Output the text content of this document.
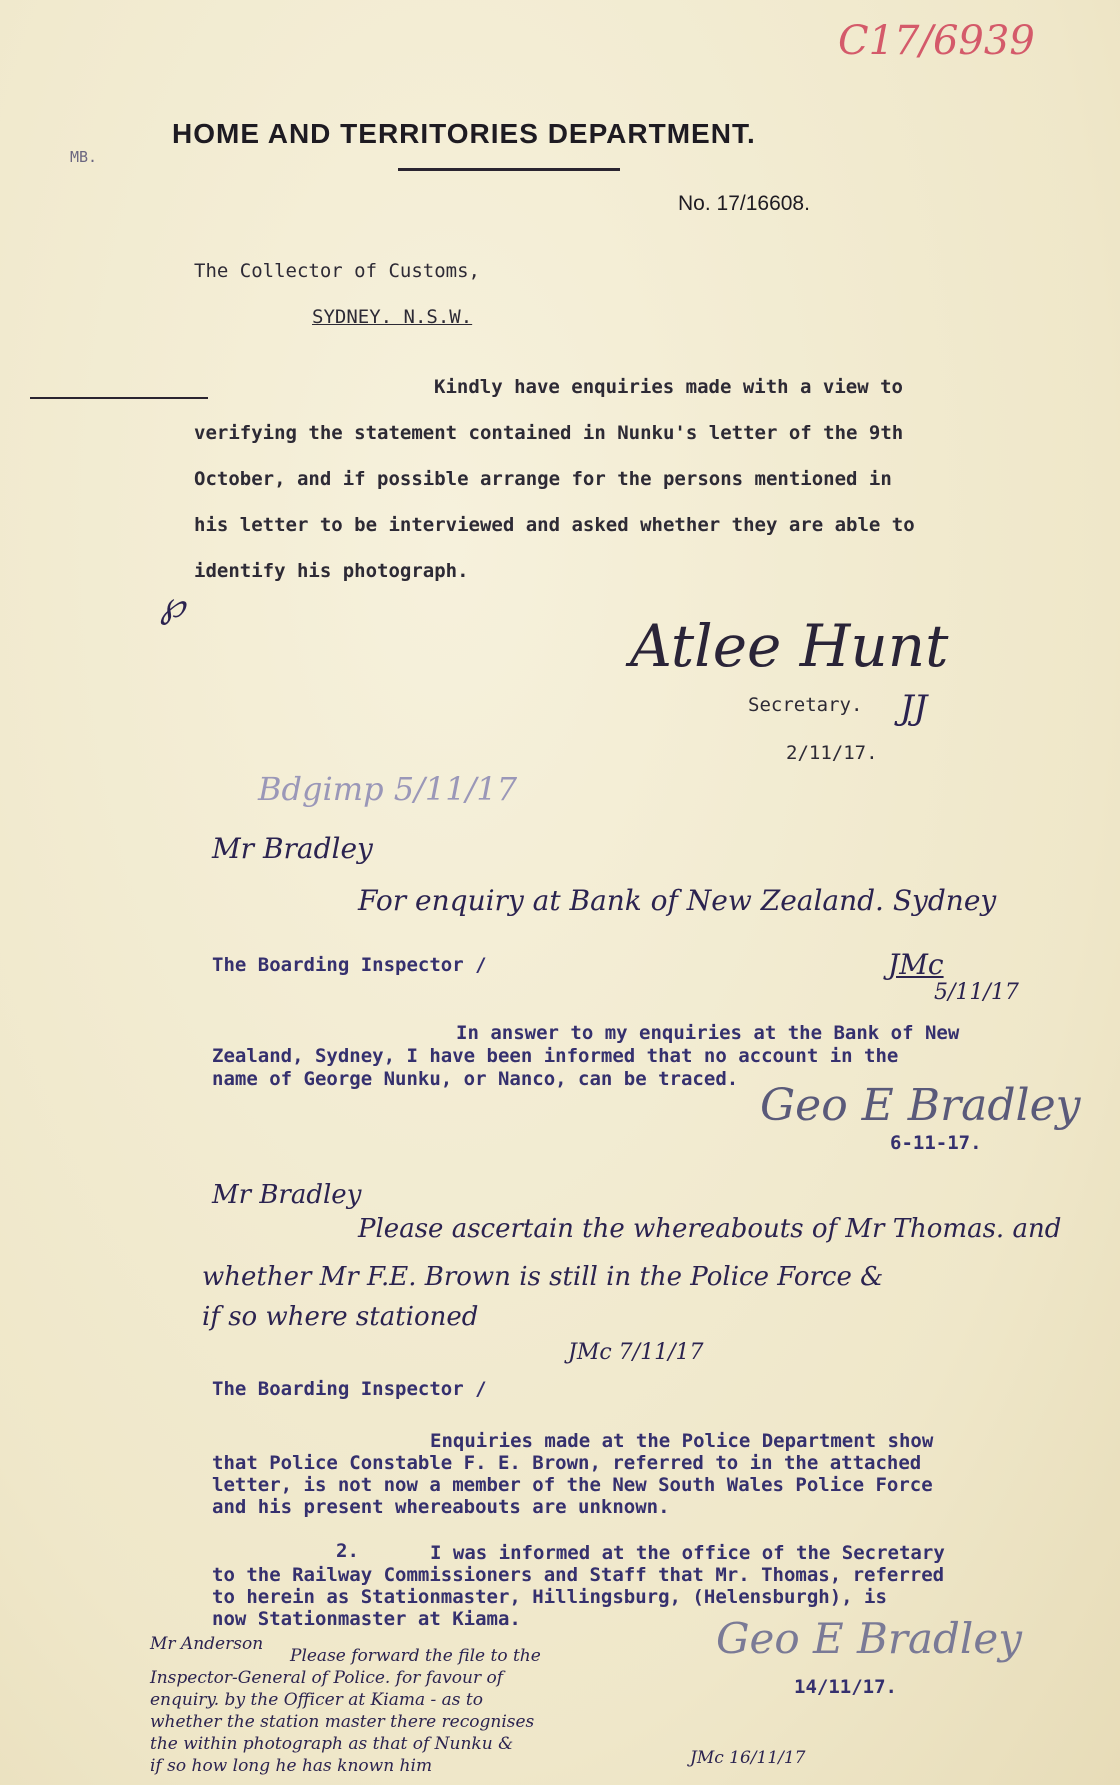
C17/6939
MB.
HOME AND TERRITORIES DEPARTMENT.
No. 17/16608.
The Collector of Customs,
SYDNEY. N.S.W.
Kindly have enquiries made with a view to
verifying the statement contained in Nunku's letter of the 9th
October, and if possible arrange for the persons mentioned in
his letter to be interviewed and asked whether they are able to
identify his photograph.
℘
Atlee Hunt
Secretary. JJ
2/11/17.
Bdgimp 5/11/17
Mr Bradley
For enquiry at Bank of New Zealand. Sydney
JMc
5/11/17
The Boarding Inspector /
In answer to my enquiries at the Bank of New
Zealand, Sydney, I have been informed that no account in the
name of George Nunku, or Nanco, can be traced.
Geo E Bradley
6-11-17.
Mr Bradley
Please ascertain the whereabouts of Mr Thomas. and
whether Mr F.E. Brown is still in the Police Force &
if so where stationed
JMc 7/11/17
The Boarding Inspector /
Enquiries made at the Police Department show
that Police Constable F. E. Brown, referred to in the attached
letter, is not now a member of the New South Wales Police Force
and his present whereabouts are unknown.
2.	I was informed at the office of the Secretary
to the Railway Commissioners and Staff that Mr. Thomas, referred
to herein as Stationmaster, Hillingsburg, (Helensburgh), is
now Stationmaster at Kiama.	Geo E Bradley
14/11/17.
Mr Anderson
Please forward the file to the
Inspector-General of Police. for favour of
enquiry. by the Officer at Kiama - as to
whether the station master there recognises
the within photograph as that of Nunku &
if so how long he has known him	JMc 16/11/17
